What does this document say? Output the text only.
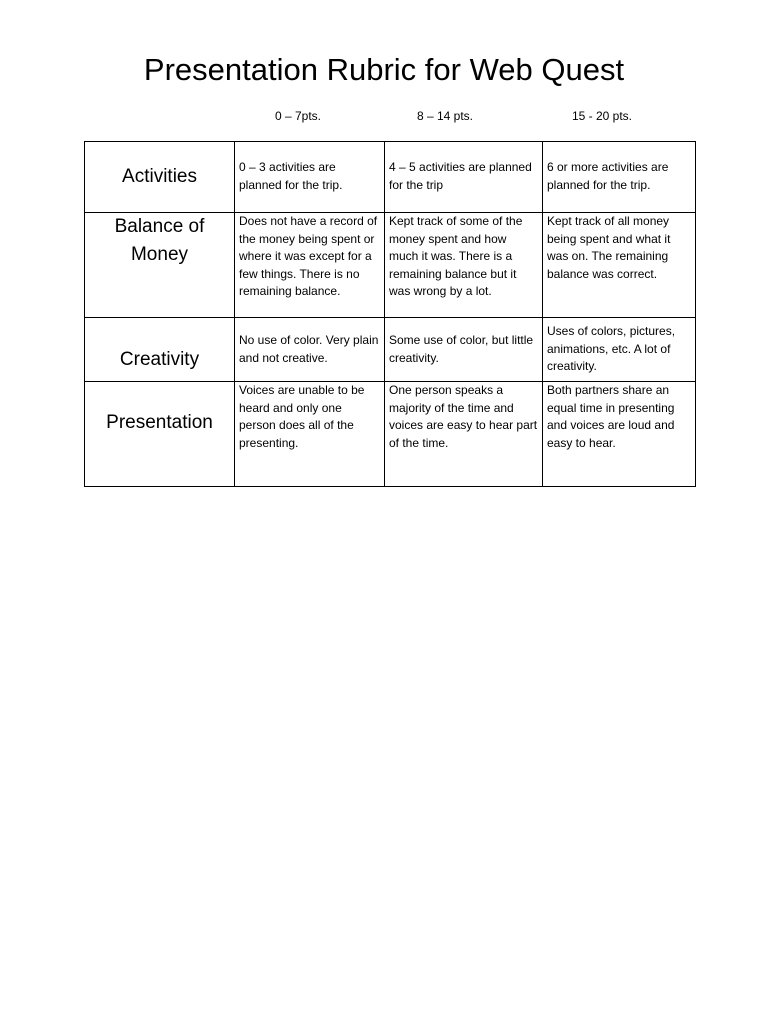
Presentation Rubric for Web Quest
0 – 7pts.	8 – 14 pts.	15 - 20 pts.
Activities	0 – 3 activities are planned for the trip.	4 – 5 activities are planned for the trip	6 or more activities are planned for the trip.
Balance of Money	Does not have a record of the money being spent or where it was except for a few things. There is no remaining balance.	Kept track of some of the money spent and how much it was. There is a remaining balance but it was wrong by a lot.	Kept track of all money being spent and what it was on. The remaining balance was correct.
Creativity	No use of color. Very plain and not creative.	Some use of color, but little creativity.	Uses of colors, pictures, animations, etc. A lot of creativity.
Presentation	Voices are unable to be heard and only one person does all of the presenting.	One person speaks a majority of the time and voices are easy to hear part of the time.	Both partners share an equal time in presenting and voices are loud and easy to hear.
